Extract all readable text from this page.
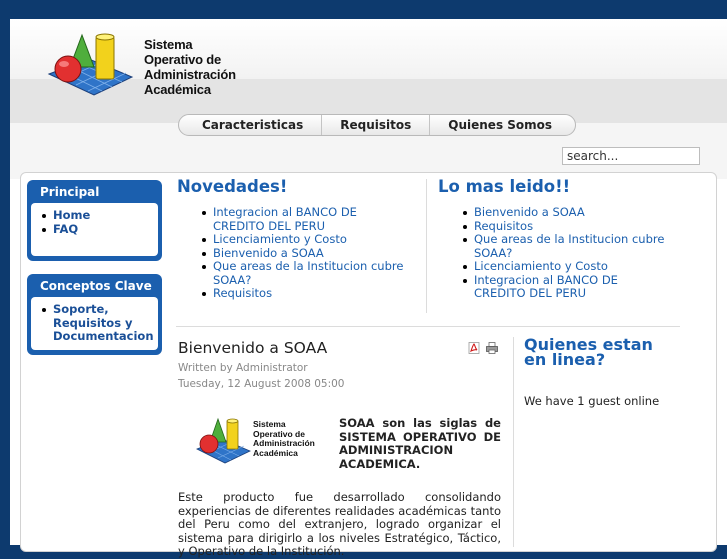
Sistema
Operativo de
Administración
Académica
Caracteristicas	Requisitos	Quienes Somos
search...
Principal
Home
FAQ
Conceptos Clave
Soporte, Requisitos y Documentacion
Novedades!
Integracion al BANCO DE CREDITO DEL PERU
Licenciamiento y Costo
Bienvenido a SOAA
Que areas de la Institucion cubre SOAA?
Requisitos
Lo mas leido!!
Bienvenido a SOAA
Requisitos
Que areas de la Institucion cubre SOAA?
Licenciamiento y Costo
Integracion al BANCO DE CREDITO DEL PERU
Bienvenido a SOAA
Written by Administrator
Tuesday, 12 August 2008 05:00
Sistema
Operativo de
Administración
Académica
SOAA son las siglas de SISTEMA OPERATIVO DE ADMINISTRACION ACADEMICA.
Este producto fue desarrollado consolidando experiencias de diferentes realidades académicas tanto del Peru como del extranjero, logrado organizar el sistema para dirigirlo a los niveles Estratégico, Táctico, y Operativo de la Institución.
Quienes estan en linea?
We have 1 guest online
